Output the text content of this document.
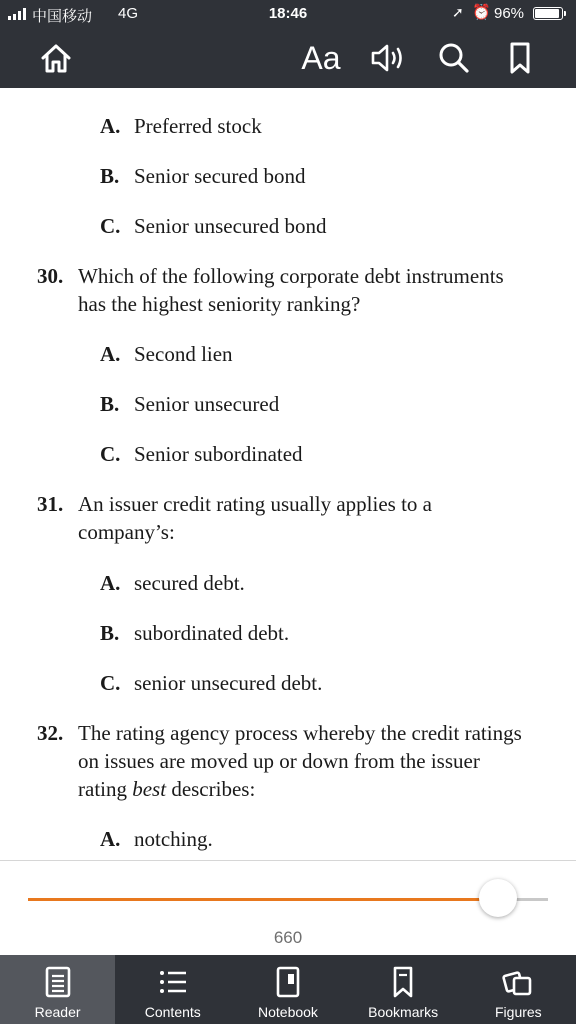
中国移动 4G	18:46	➚ ⏰ 96%
Aa
A. Preferred stock
B. Senior secured bond
C. Senior unsecured bond
30. Which of the following corporate debt instruments
has the highest seniority ranking?
A. Second lien
B. Senior unsecured
C. Senior subordinated
31. An issuer credit rating usually applies to a
company’s:
A. secured debt.
B. subordinated debt.
C. senior unsecured debt.
32. The rating agency process whereby the credit ratings
on issues are moved up or down from the issuer
rating best describes:
A. notching.
660
Reader	Contents	Notebook	Bookmarks	Figures
